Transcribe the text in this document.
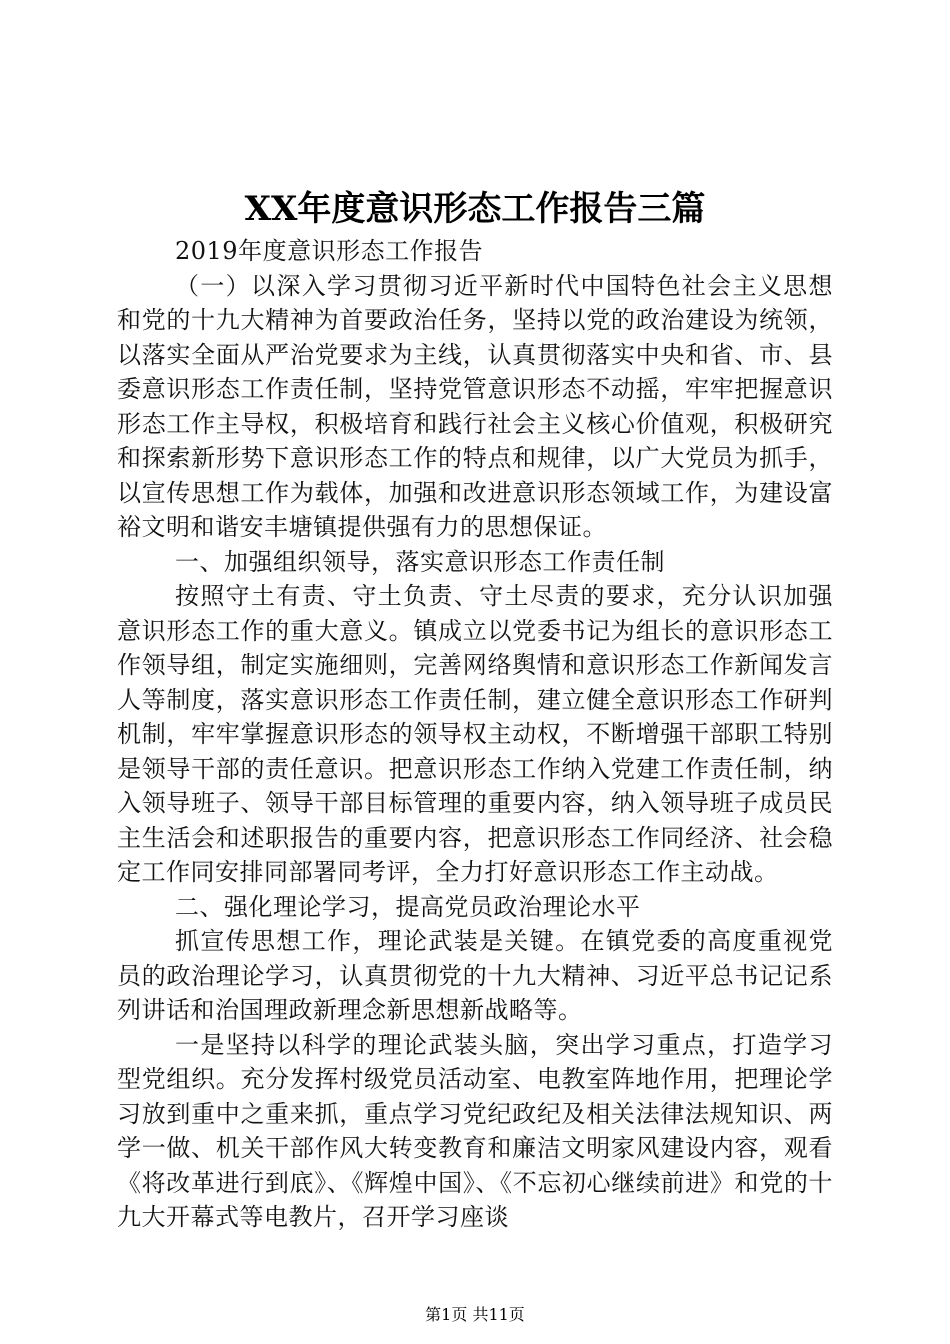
XX年度意识形态工作报告三篇

2019年度意识形态工作报告

（一）以深入学习贯彻习近平新时代中国特色社会主义思想和党的十九大精神为首要政治任务，坚持以党的政治建设为统领，以落实全面从严治党要求为主线，认真贯彻落实中央和省、市、县委意识形态工作责任制，坚持党管意识形态不动摇，牢牢把握意识形态工作主导权，积极培育和践行社会主义核心价值观，积极研究和探索新形势下意识形态工作的特点和规律，以广大党员为抓手，以宣传思想工作为载体，加强和改进意识形态领域工作，为建设富裕文明和谐安丰塘镇提供强有力的思想保证。

一、加强组织领导，落实意识形态工作责任制

按照守土有责、守土负责、守土尽责的要求，充分认识加强意识形态工作的重大意义。镇成立以党委书记为组长的意识形态工作领导组，制定实施细则，完善网络舆情和意识形态工作新闻发言人等制度，落实意识形态工作责任制，建立健全意识形态工作研判机制，牢牢掌握意识形态的领导权主动权，不断增强干部职工特别是领导干部的责任意识。把意识形态工作纳入党建工作责任制，纳入领导班子、领导干部目标管理的重要内容，纳入领导班子成员民主生活会和述职报告的重要内容，把意识形态工作同经济、社会稳定工作同安排同部署同考评，全力打好意识形态工作主动战。

二、强化理论学习，提高党员政治理论水平

抓宣传思想工作，理论武装是关键。在镇党委的高度重视党员的政治理论学习，认真贯彻党的十九大精神、习近平总书记记系列讲话和治国理政新理念新思想新战略等。

一是坚持以科学的理论武装头脑，突出学习重点，打造学习型党组织。充分发挥村级党员活动室、电教室阵地作用，把理论学习放到重中之重来抓，重点学习党纪政纪及相关法律法规知识、两学一做、机关干部作风大转变教育和廉洁文明家风建设内容，观看《将改革进行到底》、《辉煌中国》、《不忘初心继续前进》和党的十九大开幕式等电教片，召开学习座谈

第1页 共11页
